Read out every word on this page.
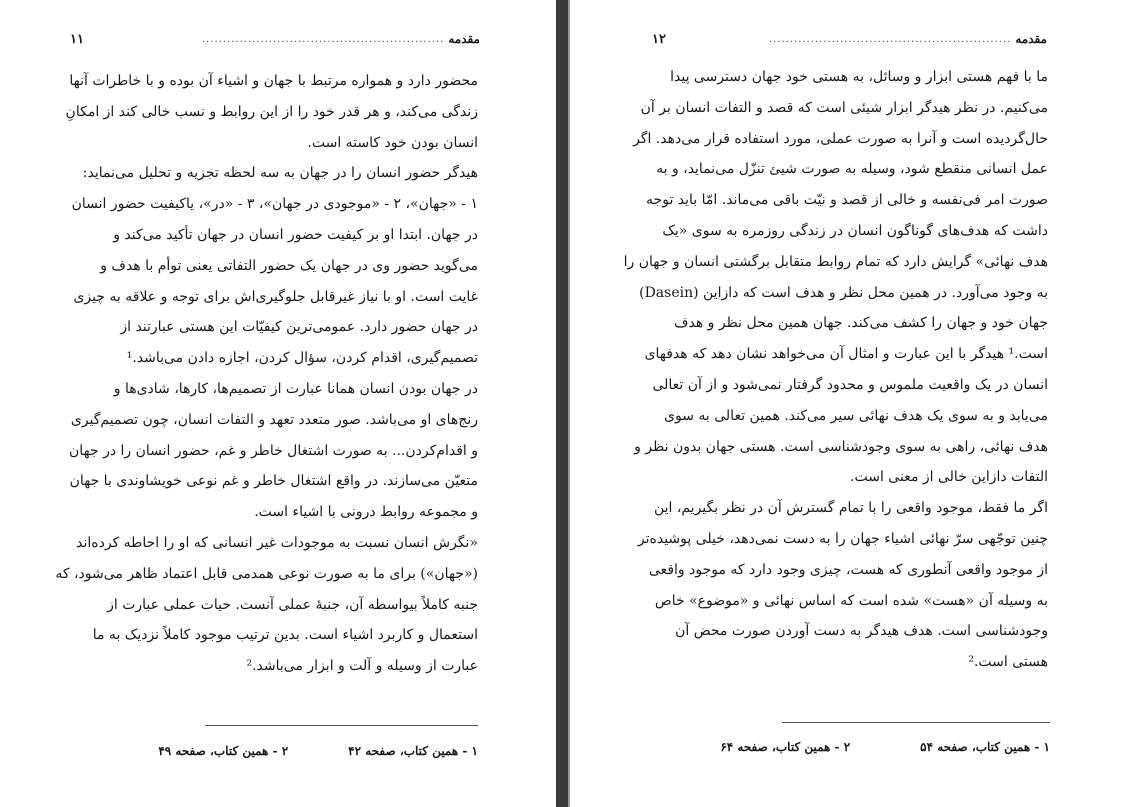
مقدمه
..........................................................
۱۱
محضور دارد و همواره مرتبط با جهان و اشیاء آن بوده و با خاطرات آنها
زندگی می‌کند، و هر قدر خود را از این روابط و نسب خالی کند از امکانِ
انسان بودن خود کاسته است.
هیدگر حضور انسان را در جهان به سه لحظه تجزیه و تحلیل می‌نماید:
۱ - «جهان»، ۲ - «موجودی در جهان»، ۳ - «در»، یاکیفیت حضور انسان
در جهان. ابتدا او بر کیفیت حضور انسان در جهان تأکید می‌کند و
می‌گوید حضور وی در جهان یک حضور التفاتی یعنی توأم با هدف و
غایت است. او با نیاز غیرقابل جلوگیری‌اش برای توجه و علاقه به چیزی
در جهان حضور دارد. عمومی‌ترین کیفیّات این هستی عبارتند از
تصمیم‌گیری، اقدام کردن، سؤال کردن، اجازه دادن می‌باشد.¹
در جهان بودن انسان همانا عبارت از تصمیم‌ها، کارها، شادی‌ها و
رنج‌های او می‌باشد. صور متعدد تعهد و التفات انسان، چون تصمیم‌گیری
و اقدام‌کردن... به صورت اشتغال خاطر و غم، حضور انسان را در جهان
متعیّن می‌سازند. در واقع اشتغال خاطر و غم نوعی خویشاوندی با جهان
و مجموعه روابط درونی با اشیاء است.
«نگرش انسان نسبت به موجودات غیر انسانی که او را احاطه کرده‌اند
(«جهان») برای ما به صورت نوعی همدمی قابل اعتماد ظاهر می‌شود، که
جنبه کاملاً بیواسطه آن، جنبهٔ عملی آنست. حیات عملی عبارت از
استعمال و کاربرد اشیاء است. بدین ترتیب موجود کاملاً نزدیک به ما
عبارت از وسیله و آلت و ابزار می‌باشد.²
۱ - همین کتاب، صفحه ۴۲
۲ - همین کتاب، صفحه ۴۹
مقدمه
..........................................................
۱۲
ما با فهم هستی ابزار و وسائل، به هستی خود جهان دسترسی پیدا
می‌کنیم. در نظر هیدگر ابزار شیئی است که قصد و التفات انسان بر آن
حال‌گردیده است و آنرا به صورت عملی، مورد استفاده قرار می‌دهد. اگر
عمل انسانی منقطع شود، وسیله به صورت شیئ تنزّل می‌نماید، و به
صورت امر فی‌نفسه و خالی از قصد و نیّت باقی می‌ماند. امّا باید توجه
داشت که هدف‌های گوناگون انسان در زندگی روزمره به سوی «یک
هدف نهائی» گرایش دارد که تمام روابط متقابل برگشتی انسان و جهان را
به وجود می‌آورد. در همین محل نظر و هدف است که دازاین (Dasein)
جهان خود و جهان را کشف می‌کند. جهان همین محل نظر و هدف
است.¹ هیدگر با این عبارت و امثال آن می‌خواهد نشان دهد که هدفهای
انسان در یک واقعیت ملموس و محدود گرفتار نمی‌شود و از آن تعالی
می‌یابد و به سوی یک هدف نهائی سیر می‌کند. همین تعالی به سوی
هدف نهائی، راهی به سوی وجودشناسی است. هستی جهان بدون نظر و
التفات دازاین خالی از معنی است.
اگر ما فقط، موجود واقعی را با تمام گسترش آن در نظر بگیریم، این
چنین توجّهی سرّ نهائی اشیاء جهان را به دست نمی‌دهد، خیلی پوشیده‌تر
از موجود واقعی آنطوری که هست، چیزی وجود دارد که موجود واقعی
به وسیله آن «هست» شده است که اساس نهائی و «موضوع» خاص
وجودشناسی است. هدف هیدگر به دست آوردن صورت محض آن
هستی است.²
۱ - همین کتاب، صفحه ۵۴
۲ - همین کتاب، صفحه ۶۴
